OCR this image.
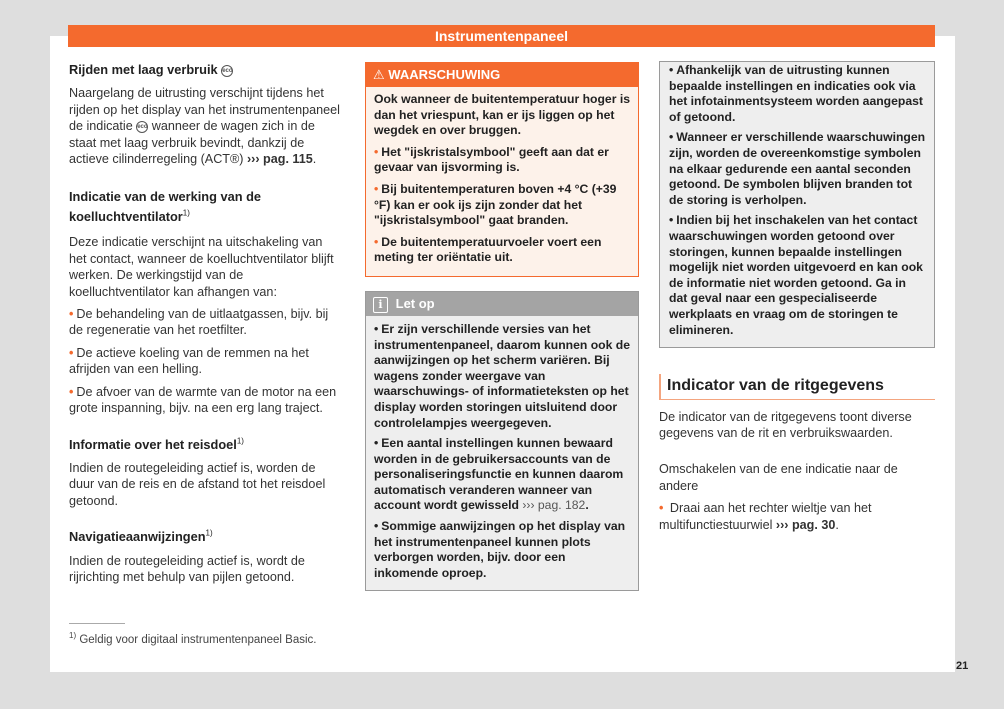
Instrumentenpaneel
Rijden met laag verbruik eco

Naargelang de uitrusting verschijnt tijdens het rijden op het display van het instrumentenpaneel de indicatie eco wanneer de wagen zich in de staat met laag verbruik bevindt, dankzij de actieve cilinderregeling (ACT®) ››› pag. 115.

Indicatie van de werking van de koelluchtventilator$^{1)}$

Deze indicatie verschijnt na uitschakeling van het contact, wanneer de koelluchtventilator blijft werken. De werkingstijd van de koelluchtventilator kan afhangen van:

• De behandeling van de uitlaatgassen, bijv. bij de regeneratie van het roetfilter.
• De actieve koeling van de remmen na het afrijden van een helling.
• De afvoer van de warmte van de motor na een grote inspanning, bijv. na een erg lang traject.
Informatie over het reisdoel$^{1)}$

Indien de routegeleiding actief is, worden de duur van de reis en de afstand tot het reisdoel getoond.

Navigatieaanwijzingen$^{1)}$

Indien de routegeleiding actief is, wordt de rijrichting met behulp van pijlen getoond.

$^{1)}$ Geldig voor digitaal instrumentenpaneel Basic.
⚠ WAARSCHUWING

Ook wanneer de buitentemperatuur hoger is dan het vriespunt, kan er ijs liggen op het wegdek en over bruggen.

• Het "ijskristalsymbool" geeft aan dat er gevaar van ijsvorming is.
• Bij buitentemperaturen boven +4 °C (+39 °F) kan er ook ijs zijn zonder dat het "ijskristalsymbool" gaat branden.
• De buitentemperatuurvoeler voert een meting ter oriëntatie uit.
i Let op
• Er zijn verschillende versies van het instrumentenpaneel, daarom kunnen ook de aanwijzingen op het scherm variëren. Bij wagens zonder weergave van waarschuwings- of informatieteksten op het display worden storingen uitsluitend door controlelampjes weergegeven.
• Een aantal instellingen kunnen bewaard worden in de gebruikersaccounts van de personaliseringsfunctie en kunnen daarom automatisch veranderen wanneer van account wordt gewisseld ››› pag. 182.
• Sommige aanwijzingen op het display van het instrumentenpaneel kunnen plots verborgen worden, bijv. door een inkomende oproep.
• Afhankelijk van de uitrusting kunnen bepaalde instellingen en indicaties ook via het infotainmentsysteem worden aangepast of getoond.
• Wanneer er verschillende waarschuwingen zijn, worden de overeenkomstige symbolen na elkaar gedurende een aantal seconden getoond. De symbolen blijven branden tot de storing is verholpen.
• Indien bij het inschakelen van het contact waarschuwingen worden getoond over storingen, kunnen bepaalde instellingen mogelijk niet worden uitgevoerd en kan ook de informatie niet worden getoond. Ga in dat geval naar een gespecialiseerde werkplaats en vraag om de storingen te elimineren.
Indicator van de ritgegevens

De indicator van de ritgegevens toont diverse gegevens van de rit en verbruikswaarden.

Omschakelen van de ene indicatie naar de andere

• Draai aan het rechter wieltje van het multifunctiestuurwiel ››› pag. 30.
21
